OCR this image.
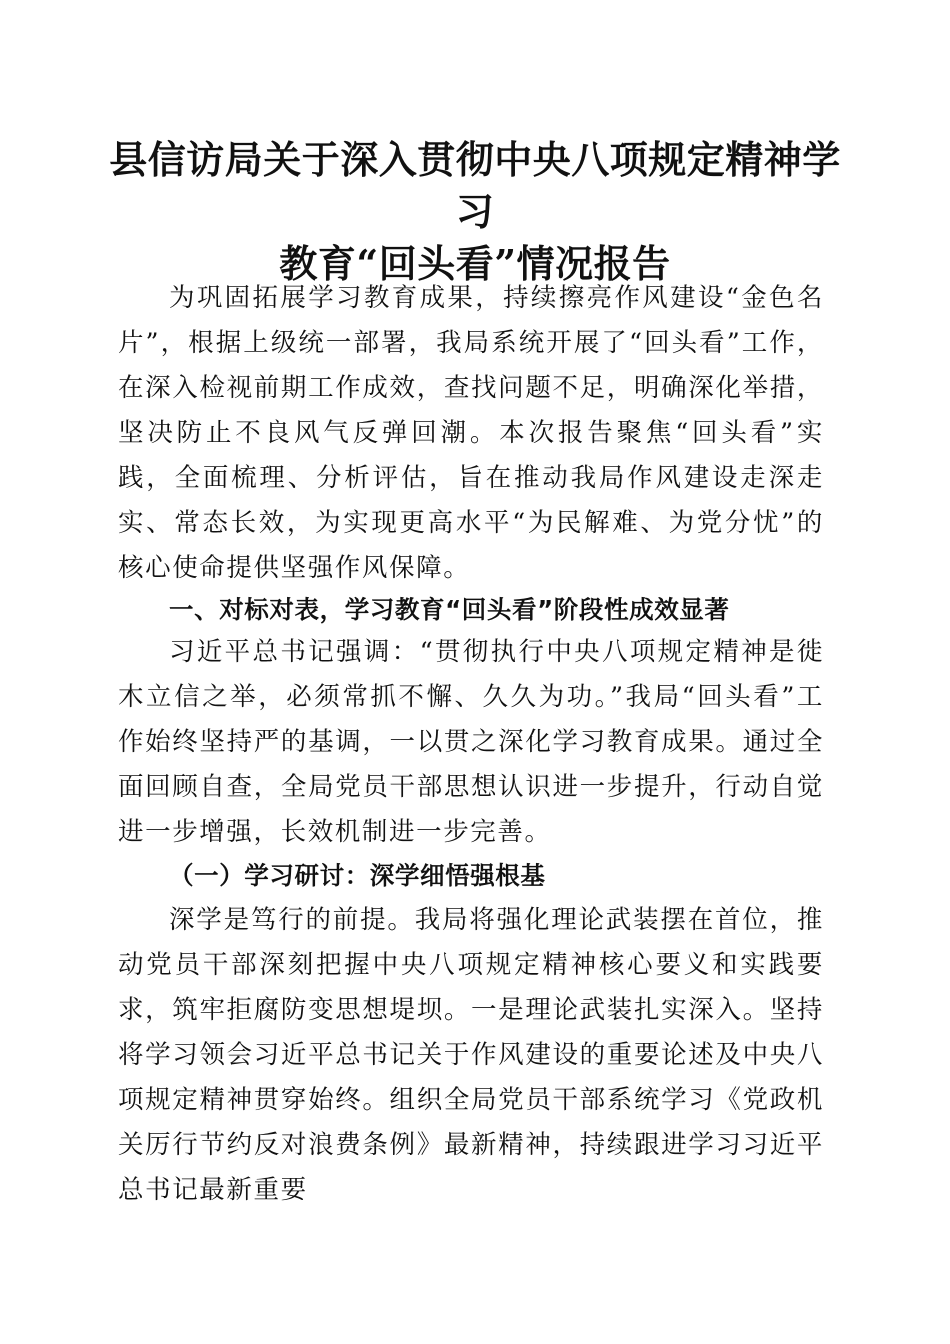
县信访局关于深入贯彻中央八项规定精神学习
教育“回头看”情况报告

为巩固拓展学习教育成果，持续擦亮作风建设“金色名片”，根据上级统一部署，我局系统开展了“回头看”工作，在深入检视前期工作成效，查找问题不足，明确深化举措，坚决防止不良风气反弹回潮。本次报告聚焦“回头看”实践，全面梳理、分析评估，旨在推动我局作风建设走深走实、常态长效，为实现更高水平“为民解难、为党分忧”的核心使命提供坚强作风保障。

一、对标对表，学习教育“回头看”阶段性成效显著

习近平总书记强调：“贯彻执行中央八项规定精神是徙木立信之举，必须常抓不懈、久久为功。”我局“回头看”工作始终坚持严的基调，一以贯之深化学习教育成果。通过全面回顾自查，全局党员干部思想认识进一步提升，行动自觉进一步增强，长效机制进一步完善。

（一）学习研讨：深学细悟强根基

深学是笃行的前提。我局将强化理论武装摆在首位，推动党员干部深刻把握中央八项规定精神核心要义和实践要求，筑牢拒腐防变思想堤坝。一是理论武装扎实深入。坚持将学习领会习近平总书记关于作风建设的重要论述及中央八项规定精神贯穿始终。组织全局党员干部系统学习《党政机关厉行节约反对浪费条例》最新精神，持续跟进学习习近平总书记最新重要
